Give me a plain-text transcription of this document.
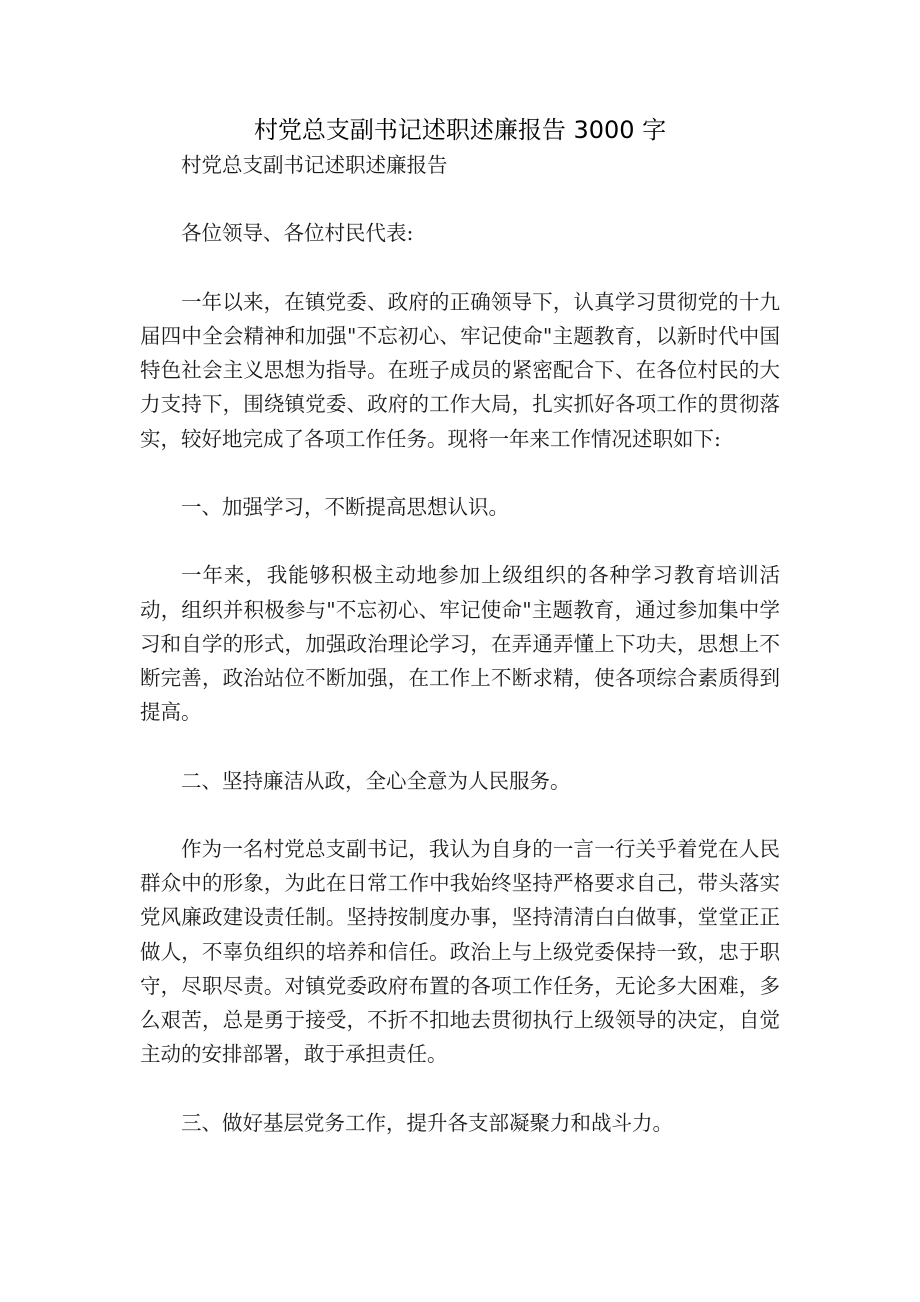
村党总支副书记述职述廉报告 3000 字

村党总支副书记述职述廉报告

各位领导、各位村民代表:

一年以来，在镇党委、政府的正确领导下，认真学习贯彻党的十九届四中全会精神和加强"不忘初心、牢记使命"主题教育，以新时代中国特色社会主义思想为指导。在班子成员的紧密配合下、在各位村民的大力支持下，围绕镇党委、政府的工作大局，扎实抓好各项工作的贯彻落实，较好地完成了各项工作任务。现将一年来工作情况述职如下:

一、加强学习，不断提高思想认识。

一年来，我能够积极主动地参加上级组织的各种学习教育培训活动，组织并积极参与"不忘初心、牢记使命"主题教育，通过参加集中学习和自学的形式，加强政治理论学习，在弄通弄懂上下功夫，思想上不断完善，政治站位不断加强，在工作上不断求精，使各项综合素质得到提高。

二、坚持廉洁从政，全心全意为人民服务。

作为一名村党总支副书记，我认为自身的一言一行关乎着党在人民群众中的形象，为此在日常工作中我始终坚持严格要求自己，带头落实党风廉政建设责任制。坚持按制度办事，坚持清清白白做事，堂堂正正做人，不辜负组织的培养和信任。政治上与上级党委保持一致，忠于职守，尽职尽责。对镇党委政府布置的各项工作任务，无论多大困难，多么艰苦，总是勇于接受，不折不扣地去贯彻执行上级领导的决定，自觉主动的安排部署，敢于承担责任。

三、做好基层党务工作，提升各支部凝聚力和战斗力。
